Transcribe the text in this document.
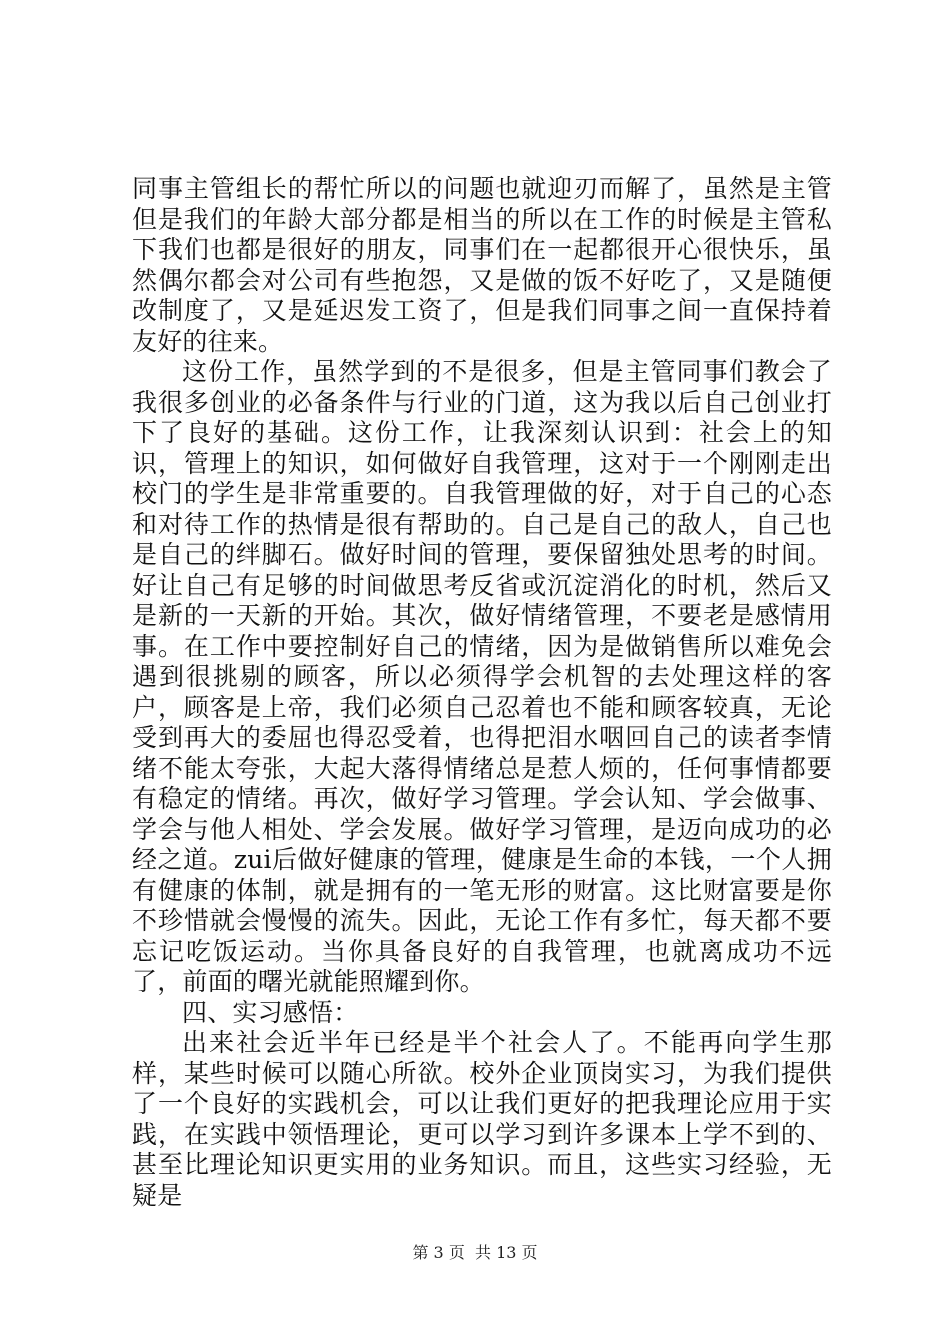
同事主管组长的帮忙所以的问题也就迎刃而解了，虽然是主管但是我们的年龄大部分都是相当的所以在工作的时候是主管私下我们也都是很好的朋友，同事们在一起都很开心很快乐，虽然偶尔都会对公司有些抱怨，又是做的饭不好吃了，又是随便改制度了，又是延迟发工资了，但是我们同事之间一直保持着友好的往来。

这份工作，虽然学到的不是很多，但是主管同事们教会了我很多创业的必备条件与行业的门道，这为我以后自己创业打下了良好的基础。这份工作，让我深刻认识到：社会上的知识，管理上的知识，如何做好自我管理，这对于一个刚刚走出校门的学生是非常重要的。自我管理做的好，对于自己的心态和对待工作的热情是很有帮助的。自己是自己的敌人，自己也是自己的绊脚石。做好时间的管理，要保留独处思考的时间。好让自己有足够的时间做思考反省或沉淀消化的时机，然后又是新的一天新的开始。其次，做好情绪管理，不要老是感情用事。在工作中要控制好自己的情绪，因为是做销售所以难免会遇到很挑剔的顾客，所以必须得学会机智的去处理这样的客户，顾客是上帝，我们必须自己忍着也不能和顾客较真，无论受到再大的委屈也得忍受着，也得把泪水咽回自己的读者李情绪不能太夸张，大起大落得情绪总是惹人烦的，任何事情都要有稳定的情绪。再次，做好学习管理。学会认知、学会做事、学会与他人相处、学会发展。做好学习管理，是迈向成功的必经之道。zui后做好健康的管理，健康是生命的本钱，一个人拥有健康的体制，就是拥有的一笔无形的财富。这比财富要是你不珍惜就会慢慢的流失。因此，无论工作有多忙，每天都不要忘记吃饭运动。当你具备良好的自我管理，也就离成功不远了，前面的曙光就能照耀到你。

四、实习感悟：

出来社会近半年已经是半个社会人了。不能再向学生那样，某些时候可以随心所欲。校外企业顶岗实习，为我们提供了一个良好的实践机会，可以让我们更好的把我理论应用于实践，在实践中领悟理论，更可以学习到许多课本上学不到的、甚至比理论知识更实用的业务知识。而且，这些实习经验，无疑是

第 3 页  共 13 页
